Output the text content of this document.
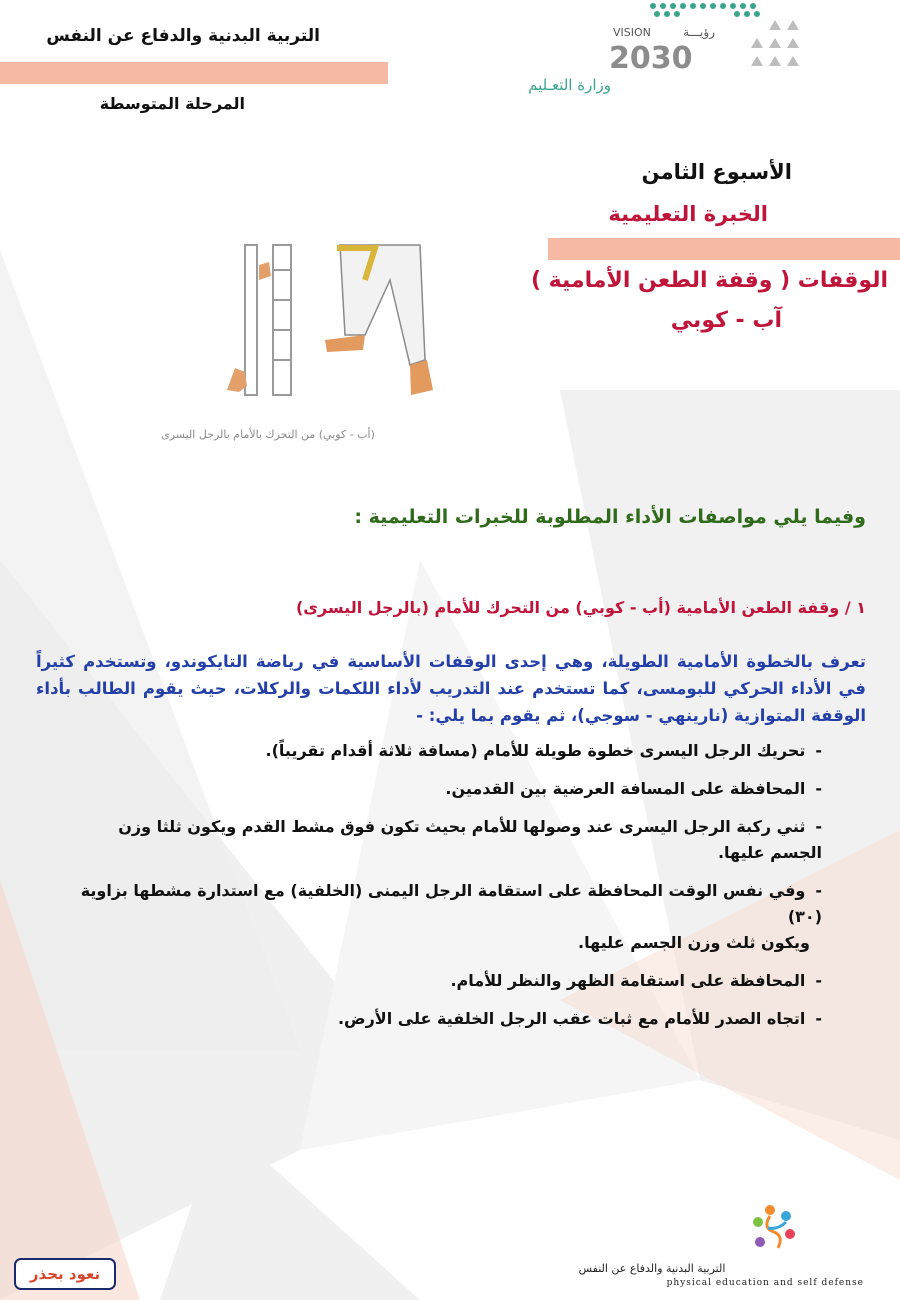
التربية البدنية والدفاع عن النفس
المرحلة المتوسطة
VISION	رؤيـــة
2030
وزارة التعـليم
الأسبوع الثامن
الخبرة التعليمية
الوقفات ( وقفة الطعن الأمامية )
آب - كوبي
(أب - كوبي) من التحرك بالأمام بالرجل اليسرى
وفيما يلي مواصفات الأداء المطلوبة للخبرات التعليمية :
١ / وقفة الطعن الأمامية (أب - كوبي) من التحرك للأمام (بالرجل اليسرى)
تعرف بالخطوة الأمامية الطويلة، وهي إحدى الوقفات الأساسية في رياضة التايكوندو، وتستخدم كثيراً في الأداء الحركي للبومسى، كما تستخدم عند التدريب لأداء اللكمات والركلات، حيث يقوم الطالب بأداء الوقفة المتوازية (نارينهي - سوجي)، ثم يقوم بما يلي: -
-تحريك الرجل اليسرى خطوة طويلة للأمام (مسافة ثلاثة أقدام تقريباً).
-المحافظة على المسافة العرضية بين القدمين.
-ثني ركبة الرجل اليسرى عند وصولها للأمام بحيث تكون فوق مشط القدم ويكون ثلثا وزن الجسم عليها.
-وفي نفس الوقت المحافظة على استقامة الرجل اليمنى (الخلفية) مع استدارة مشطها بزاوية (٣٠)
ويكون ثلث وزن الجسم عليها.
-المحافظة على استقامة الظهر والنظر للأمام.
-اتجاه الصدر للأمام مع ثبات عقب الرجل الخلفية على الأرض.
التربية البدنية والدفاع عن النفس
physical education and self defense
نعود بحذر
